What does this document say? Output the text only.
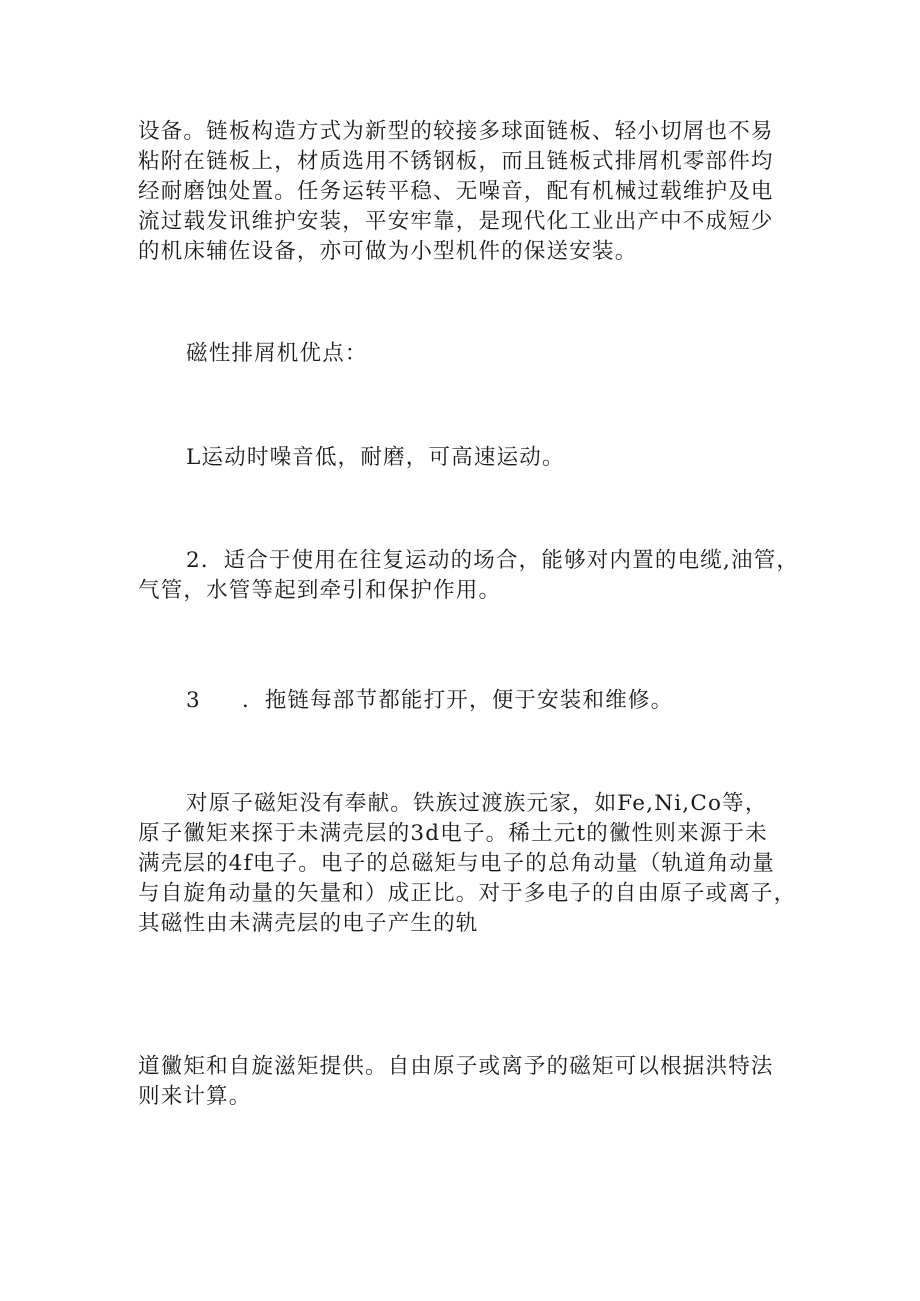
设备。链板构造方式为新型的较接多球面链板、轻小切屑也不易
粘附在链板上，材质选用不锈钢板，而且链板式排屑机零部件均
经耐磨蚀处置。任务运转平稳、无噪音，配有机械过载维护及电
流过载发讯维护安装，平安牢靠，是现代化工业出产中不成短少
的机床辅佐设备，亦可做为小型机件的保送安装。
磁性排屑机优点：
L运动时噪音低，耐磨，可高速运动。
2．适合于使用在往复运动的场合，能够对内置的电缆,油管，
气管，水管等起到牵引和保护作用。
3 ．拖链每部节都能打开，便于安装和维修。
对原子磁矩没有奉献。铁族过渡族元家，如Fe,Ni,Co等，
原子黴矩来探于未满壳层的3d电子。稀土元t的黴性则来源于未
满壳层的4f电子。电子的总磁矩与电子的总角动量（轨道角动量
与自旋角动量的矢量和）成正比。对于多电子的自由原子或离子，
其磁性由未满壳层的电子产生的轨
道黴矩和自旋滋矩提供。自由原子或离予的磁矩可以根据洪特法
则来计算。
